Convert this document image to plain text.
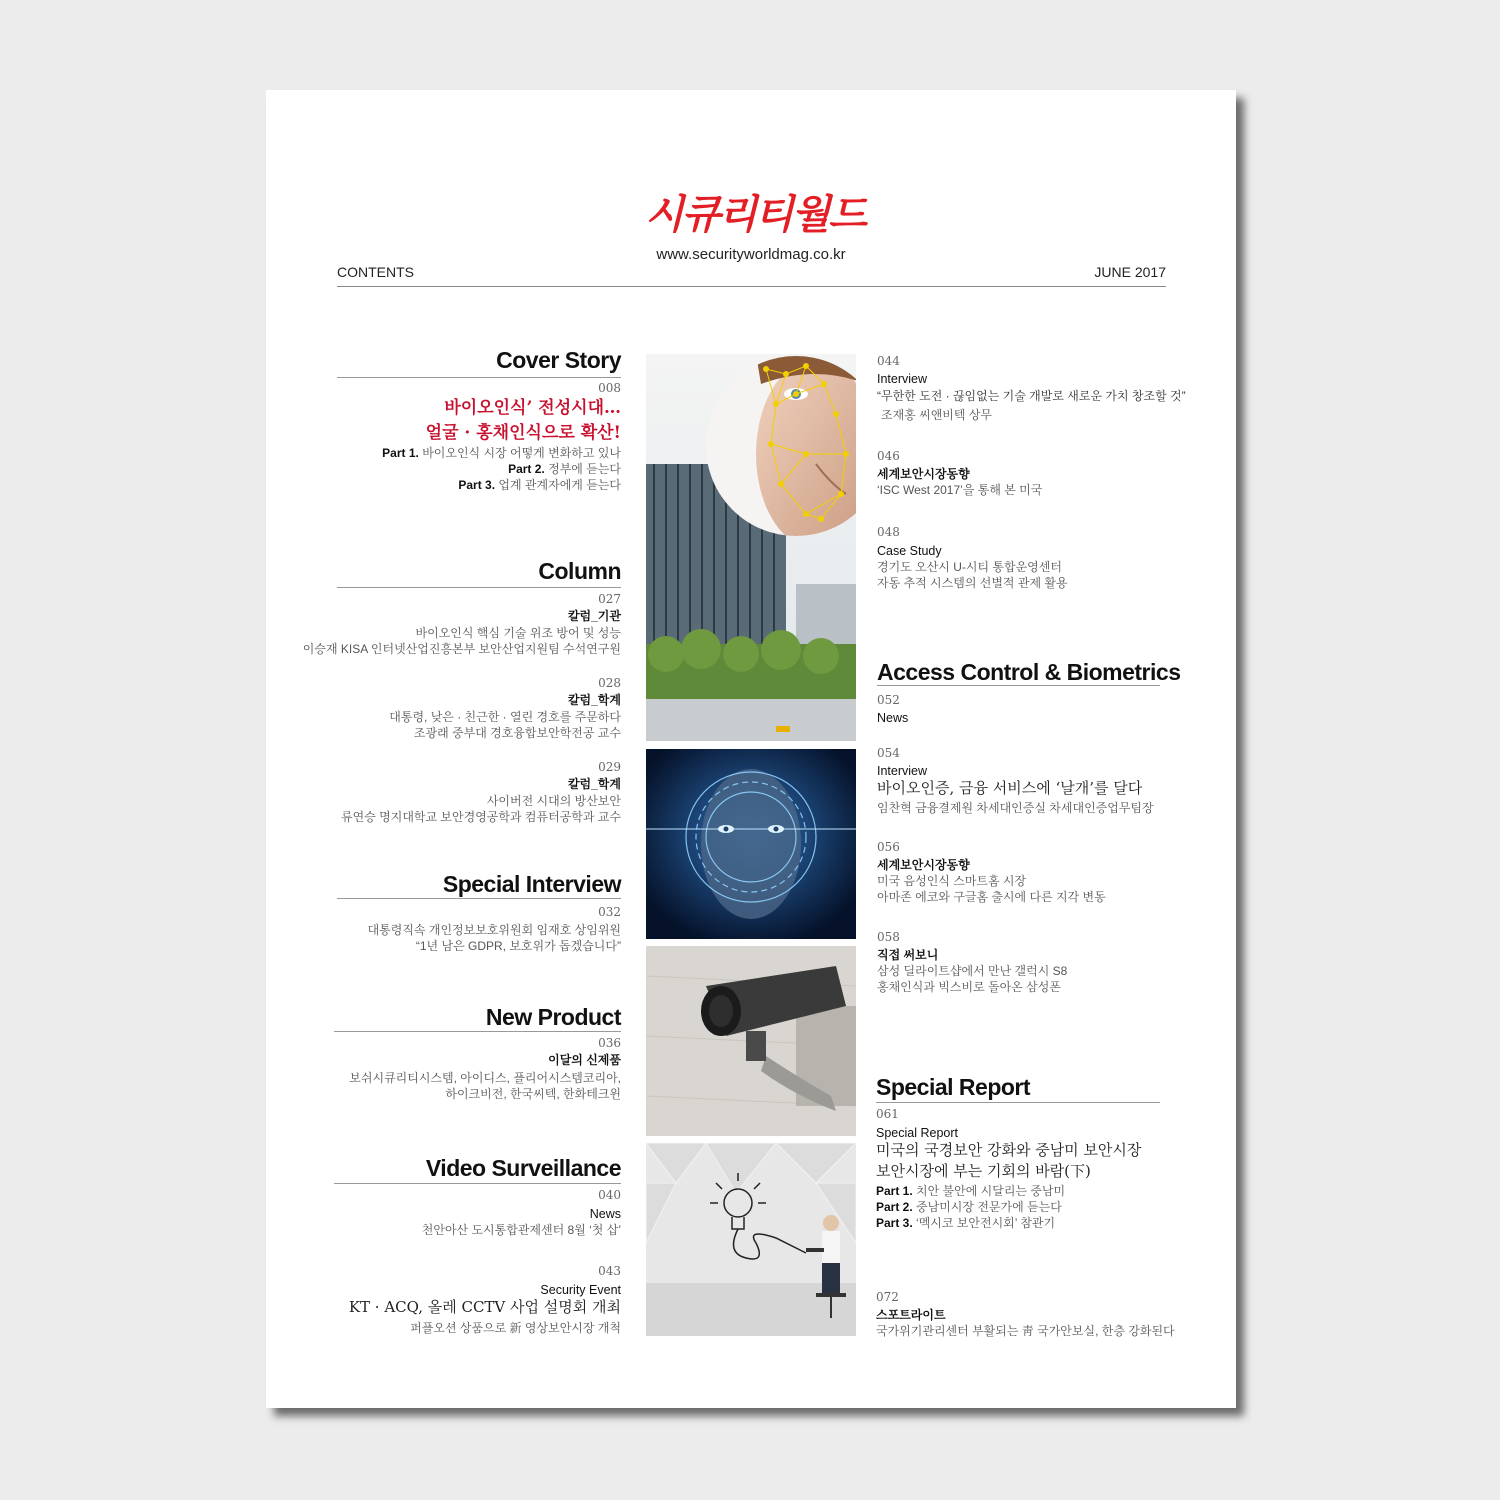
시큐리티월드
www.securityworldmag.co.kr
CONTENTS	JUNE 2017
Cover Story
008
바이오인식’ 전성시대…
얼굴 · 홍채인식으로 확산!
Part 1. 바이오인식 시장 어떻게 변화하고 있나
Part 2. 정부에 듣는다
Part 3. 업계 관계자에게 듣는다
Column
027
칼럼_기관
바이오인식 핵심 기술 위조 방어 및 성능
이승재 KISA 인터넷산업진흥본부 보안산업지원팀 수석연구원
028
칼럼_학계
대통령, 낮은 · 친근한 · 열린 경호를 주문하다
조광래 중부대 경호융합보안학전공 교수
029
칼럼_학계
사이버전 시대의 방산보안
류연승 명지대학교 보안경영공학과 컴퓨터공학과 교수
Special Interview
032
대통령직속 개인정보보호위원회 임재호 상임위원
“1년 남은 GDPR, 보호위가 돕겠습니다”
New Product
036
이달의 신제품
보쉬시큐리티시스템, 아이디스, 플리어시스템코리아,
하이크비전, 한국씨텍, 한화테크윈
Video Surveillance
040
News
천안아산 도시통합관제센터 8월 ‘첫 삽’
043
Security Event
KT · ACQ, 올레 CCTV 사업 설명회 개최
퍼플오션 상품으로 新 영상보안시장 개척
044
Interview
“무한한 도전 · 끊임없는 기술 개발로 새로운 가치 창조할 것”
조재홍 씨앤비텍 상무
046
세계보안시장동향
‘ISC West 2017’을 통해 본 미국
048
Case Study
경기도 오산시 U-시티 통합운영센터
자동 추적 시스템의 선별적 관제 활용
Access Control & Biometrics
052
News
054
Interview
바이오인증, 금융 서비스에 ‘날개’를 달다
임찬혁 금융결제원 차세대인증실 차세대인증업무팀장
056
세계보안시장동향
미국 음성인식 스마트홈 시장
아마존 에코와 구글홈 출시에 다른 지각 변동
058
직접 써보니
삼성 딜라이트샵에서 만난 갤럭시 S8
홍채인식과 빅스비로 돌아온 삼성폰
Special Report
061
Special Report
미국의 국경보안 강화와 중남미 보안시장
보안시장에 부는 기회의 바람(下)
Part 1. 치안 불안에 시달리는 중남미
Part 2. 중남미시장 전문가에 듣는다
Part 3. ‘멕시코 보안전시회’ 참관기
072
스포트라이트
국가위기관리센터 부활되는 靑 국가안보실, 한층 강화된다
